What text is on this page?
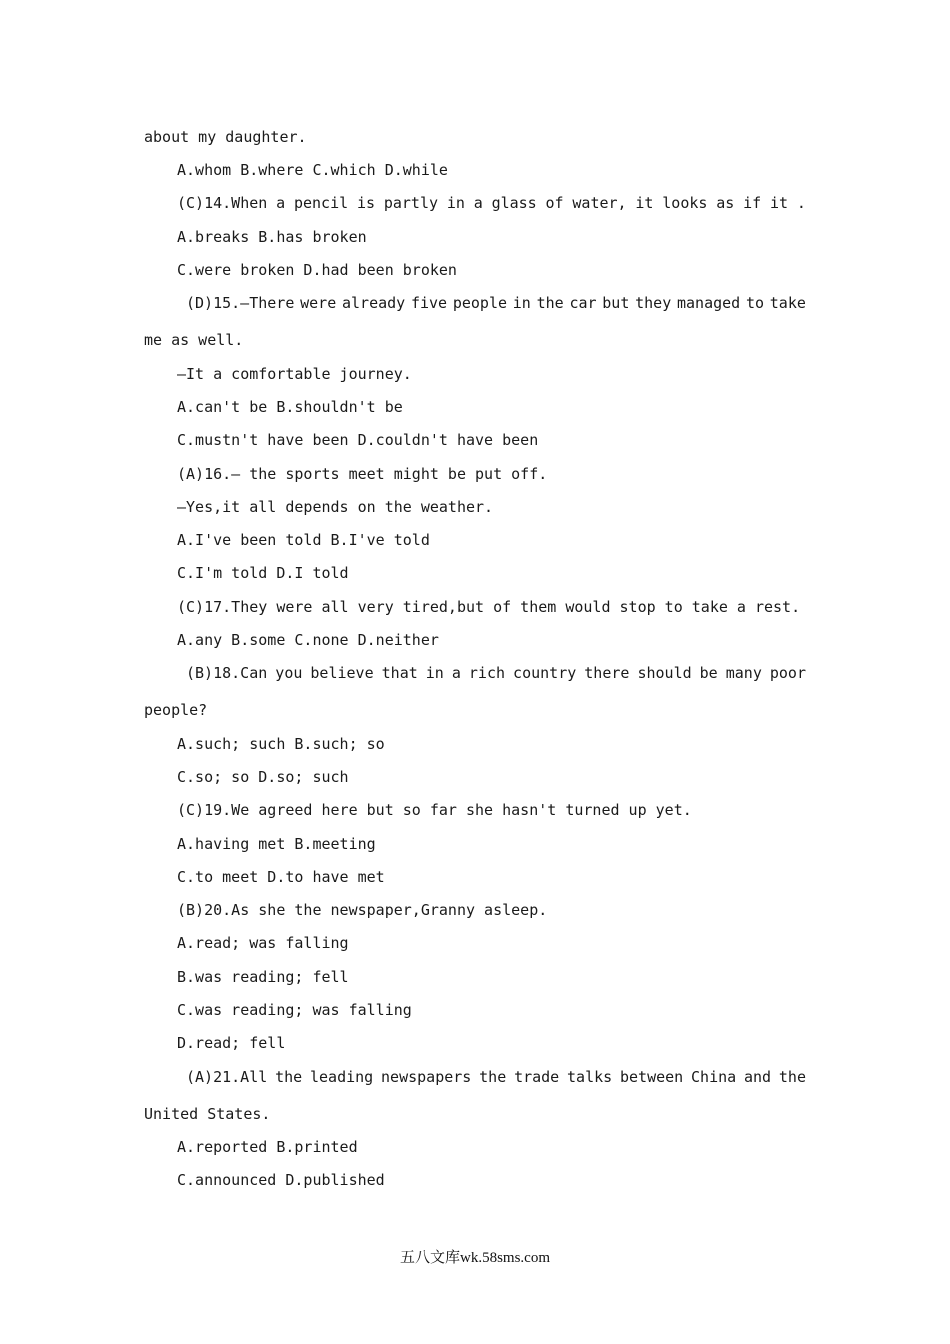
about my daughter.
A.whom B.where C.which D.while
(C)14.When a pencil is partly in a glass of water, it looks as if it .
A.breaks B.has broken
C.were broken D.had been broken
(D)15.—There were already five people in the car but they managed to take
me as well.
—It a comfortable journey.
A.can't be B.shouldn't be
C.mustn't have been D.couldn't have been
(A)16.— the sports meet might be put off.
—Yes,it all depends on the weather.
A.I've been told B.I've told
C.I'm told D.I told
(C)17.They were all very tired,but of them would stop to take a rest.
A.any B.some C.none D.neither
(B)18.Can you believe that in a rich country there should be many poor
people?
A.such; such B.such; so
C.so; so D.so; such
(C)19.We agreed here but so far she hasn't turned up yet.
A.having met B.meeting
C.to meet D.to have met
(B)20.As she the newspaper,Granny asleep.
A.read; was falling
B.was reading; fell
C.was reading; was falling
D.read; fell
(A)21.All the leading newspapers the trade talks between China and the
United States.
A.reported B.printed
C.announced D.published
五八文库wk.58sms.com
